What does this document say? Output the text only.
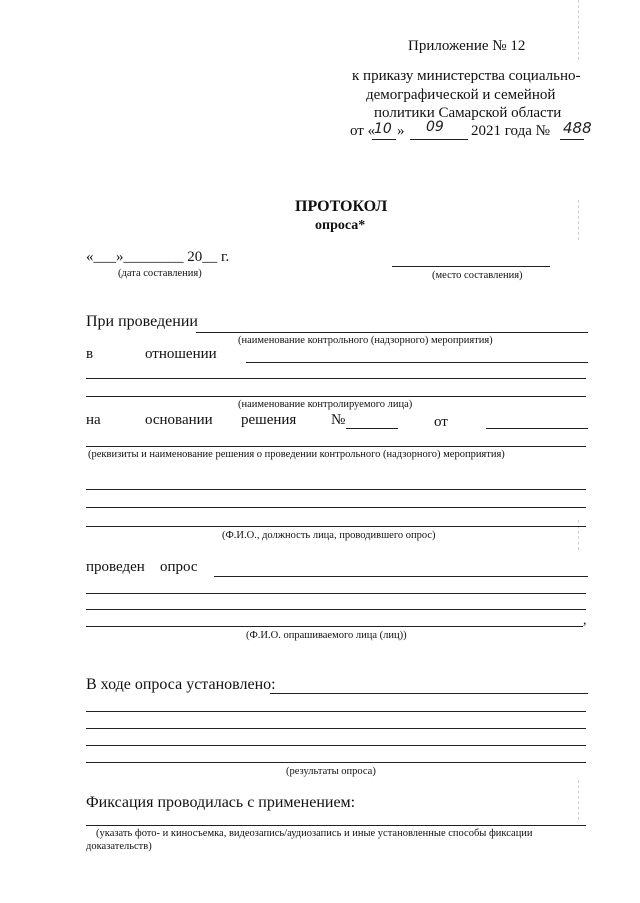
Приложение № 12
к приказу министерства социально-
демографической и семейной
политики Самарской области
от «
10 » 09 2021 года № 488
ПРОТОКОЛ
опроса*
«___»________ 20__ г.
(дата составления)	(место составления)
При проведении
(наименование контрольного (надзорного) мероприятия)
в	отношении
(наименование контролируемого лица)
на	основании решения №	от
(реквизиты и наименование решения о проведении контрольного (надзорного) мероприятия)
(Ф.И.О., должность лица, проводившего опрос)
проведен опрос
,
(Ф.И.О. опрашиваемого лица (лиц))
В ходе опроса установлено:
(результаты опроса)
Фиксация проводилась с применением:
(указать фото- и киносъемка, видеозапись/аудиозапись и иные установленные способы фиксации
доказательств)
